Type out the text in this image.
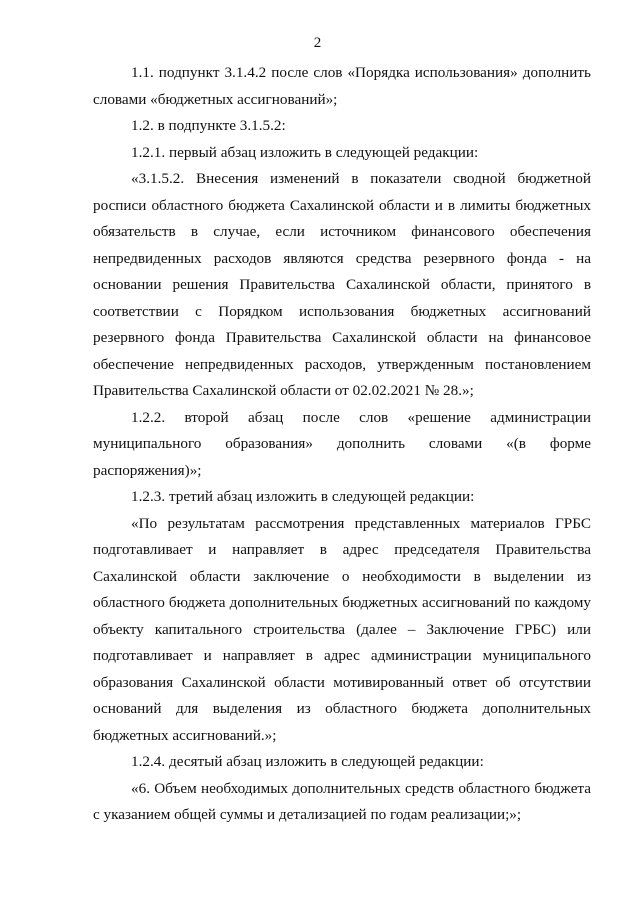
2

1.1. подпункт 3.1.4.2 после слов «Порядка использования» дополнить словами «бюджетных ассигнований»;

1.2. в подпункте 3.1.5.2:

1.2.1. первый абзац изложить в следующей редакции:

«3.1.5.2. Внесения изменений в показатели сводной бюджетной росписи областного бюджета Сахалинской области и в лимиты бюджетных обязательств в случае, если источником финансового обеспечения непредвиденных расходов являются средства резервного фонда - на основании решения Правительства Сахалинской области, принятого в соответствии с Порядком использования бюджетных ассигнований резервного фонда Правительства Сахалинской области на финансовое обеспечение непредвиденных расходов, утвержденным постановлением Правительства Сахалинской области от 02.02.2021 № 28.»;

1.2.2. второй абзац после слов «решение администрации муниципального образования» дополнить словами «(в форме распоряжения)»;

1.2.3. третий абзац изложить в следующей редакции:

«По результатам рассмотрения представленных материалов ГРБС подготавливает и направляет в адрес председателя Правительства Сахалинской области заключение о необходимости в выделении из областного бюджета дополнительных бюджетных ассигнований по каждому объекту капитального строительства (далее – Заключение ГРБС) или подготавливает и направляет в адрес администрации муниципального образования Сахалинской области мотивированный ответ об отсутствии оснований для выделения из областного бюджета дополнительных бюджетных ассигнований.»;

1.2.4. десятый абзац изложить в следующей редакции:

«6. Объем необходимых дополнительных средств областного бюджета с указанием общей суммы и детализацией по годам реализации;»;
